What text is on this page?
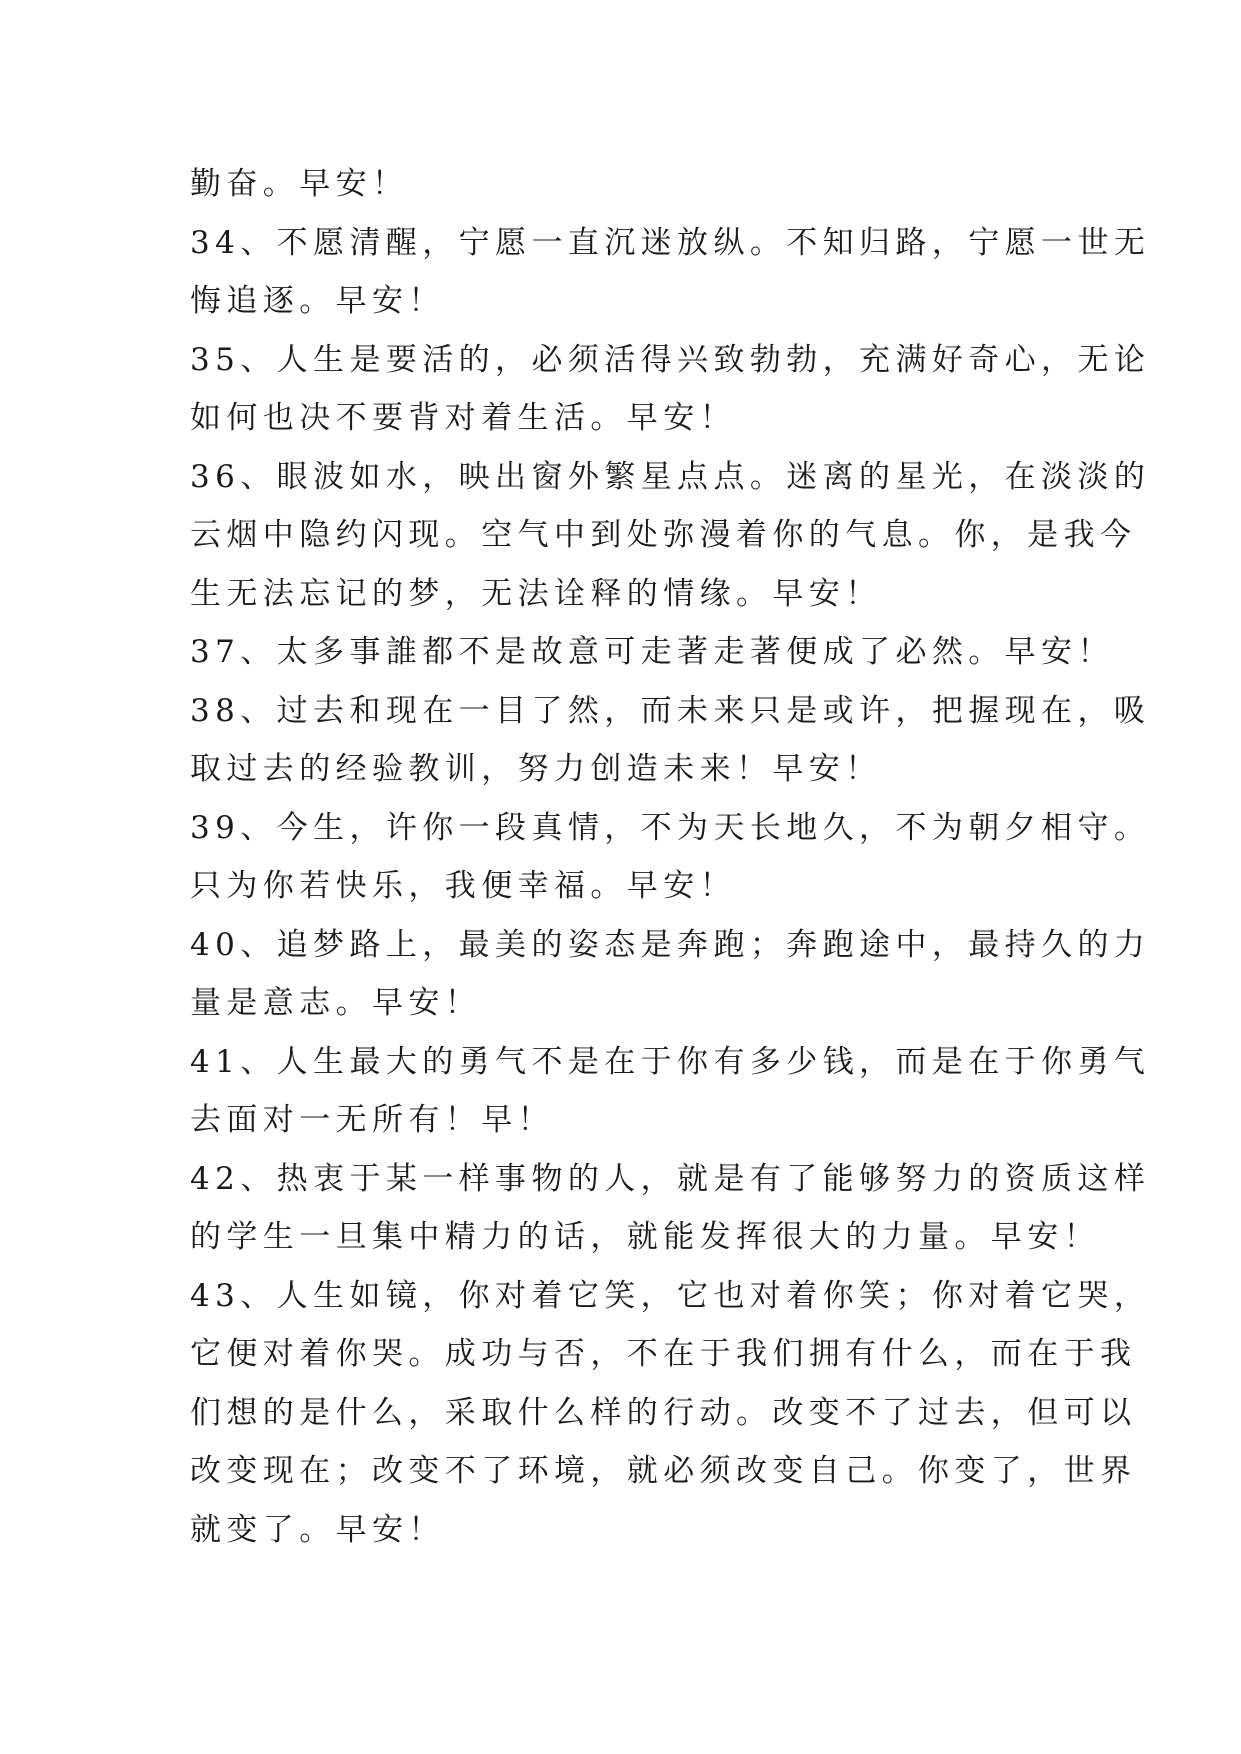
勤奋。早安！
34、不愿清醒，宁愿一直沉迷放纵。不知归路，宁愿一世无
悔追逐。早安！
35、人生是要活的，必须活得兴致勃勃，充满好奇心，无论
如何也决不要背对着生活。早安！
36、眼波如水，映出窗外繁星点点。迷离的星光，在淡淡的
云烟中隐约闪现。空气中到处弥漫着你的气息。你，是我今
生无法忘记的梦，无法诠释的情缘。早安！
37、太多事誰都不是故意可走著走著便成了必然。早安！
38、过去和现在一目了然，而未来只是或许，把握现在，吸
取过去的经验教训，努力创造未来！早安！
39、今生，许你一段真情，不为天长地久，不为朝夕相守。
只为你若快乐，我便幸福。早安！
40、追梦路上，最美的姿态是奔跑；奔跑途中，最持久的力
量是意志。早安！
41、人生最大的勇气不是在于你有多少钱，而是在于你勇气
去面对一无所有！早！
42、热衷于某一样事物的人，就是有了能够努力的资质这样
的学生一旦集中精力的话，就能发挥很大的力量。早安！
43、人生如镜，你对着它笑，它也对着你笑；你对着它哭，
它便对着你哭。成功与否，不在于我们拥有什么，而在于我
们想的是什么，采取什么样的行动。改变不了过去，但可以
改变现在；改变不了环境，就必须改变自己。你变了，世界
就变了。早安！
